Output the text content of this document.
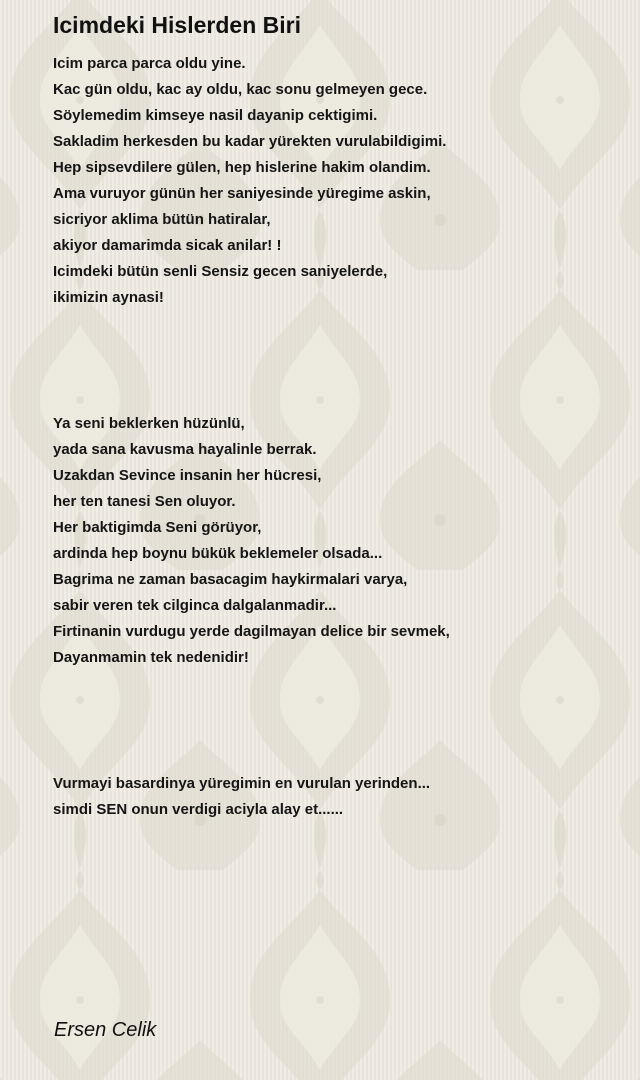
Icimdeki Hislerden Biri
Icim parca parca oldu yine.
Kac gün oldu, kac ay oldu, kac sonu gelmeyen gece.
Söylemedim kimseye nasil dayanip cektigimi.
Sakladim herkesden bu kadar yürekten vurulabildigimi.
Hep sipsevdilere gülen, hep hislerine hakim olandim.
Ama vuruyor günün her saniyesinde yüregime askin,
sicriyor aklima bütün hatiralar,
akiyor damarimda sicak anilar! !
Icimdeki bütün senli Sensiz gecen saniyelerde,
ikimizin aynasi!
Ya seni beklerken hüzünlü,
yada sana kavusma hayalinle berrak.
Uzakdan Sevince insanin her hücresi,
her ten tanesi Sen oluyor.
Her baktigimda Seni görüyor,
ardinda hep boynu bükük beklemeler olsada...
Bagrima ne zaman basacagim haykirmalari varya,
sabir veren tek cilginca dalgalanmadir...
Firtinanin vurdugu yerde dagilmayan delice bir sevmek,
Dayanmamin tek nedenidir!
Vurmayi basardinya yüregimin en vurulan yerinden...
simdi SEN onun verdigi aciyla alay et......

Ersen Celik
